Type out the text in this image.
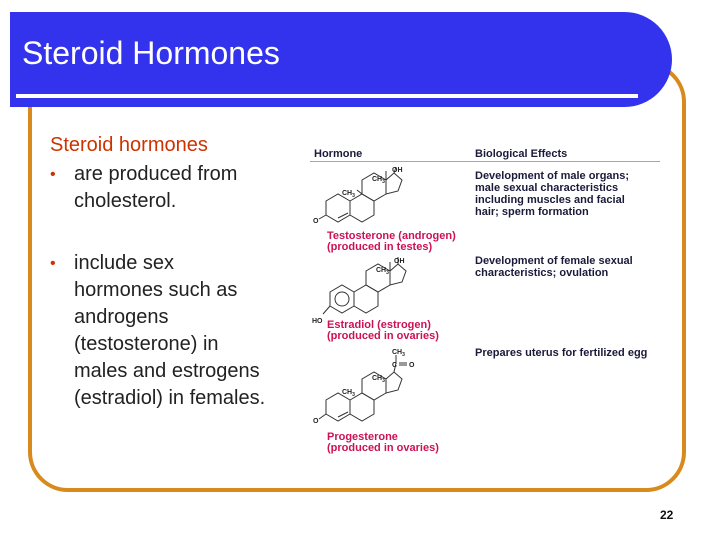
Steroid Hormones
Steroid hormones
• are produced from
cholesterol.
• include sex
hormones such as
androgens
(testosterone) in
males and estrogens
(estradiol) in females.
Hormone	Biological Effects
OH
$CH_3$
$CH_3$
O
Testosterone (androgen)
(produced in testes)
Development of male organs;
male sexual characteristics
including muscles and facial
hair; sperm formation
OH
$CH_3$
HO Estradiol (estrogen)
(produced in ovaries)
Development of female sexual
characteristics; ovulation
$CH_3$
C O
$CH_3$
$CH_3$
O
Progesterone
(produced in ovaries)
Prepares uterus for fertilized egg
22
